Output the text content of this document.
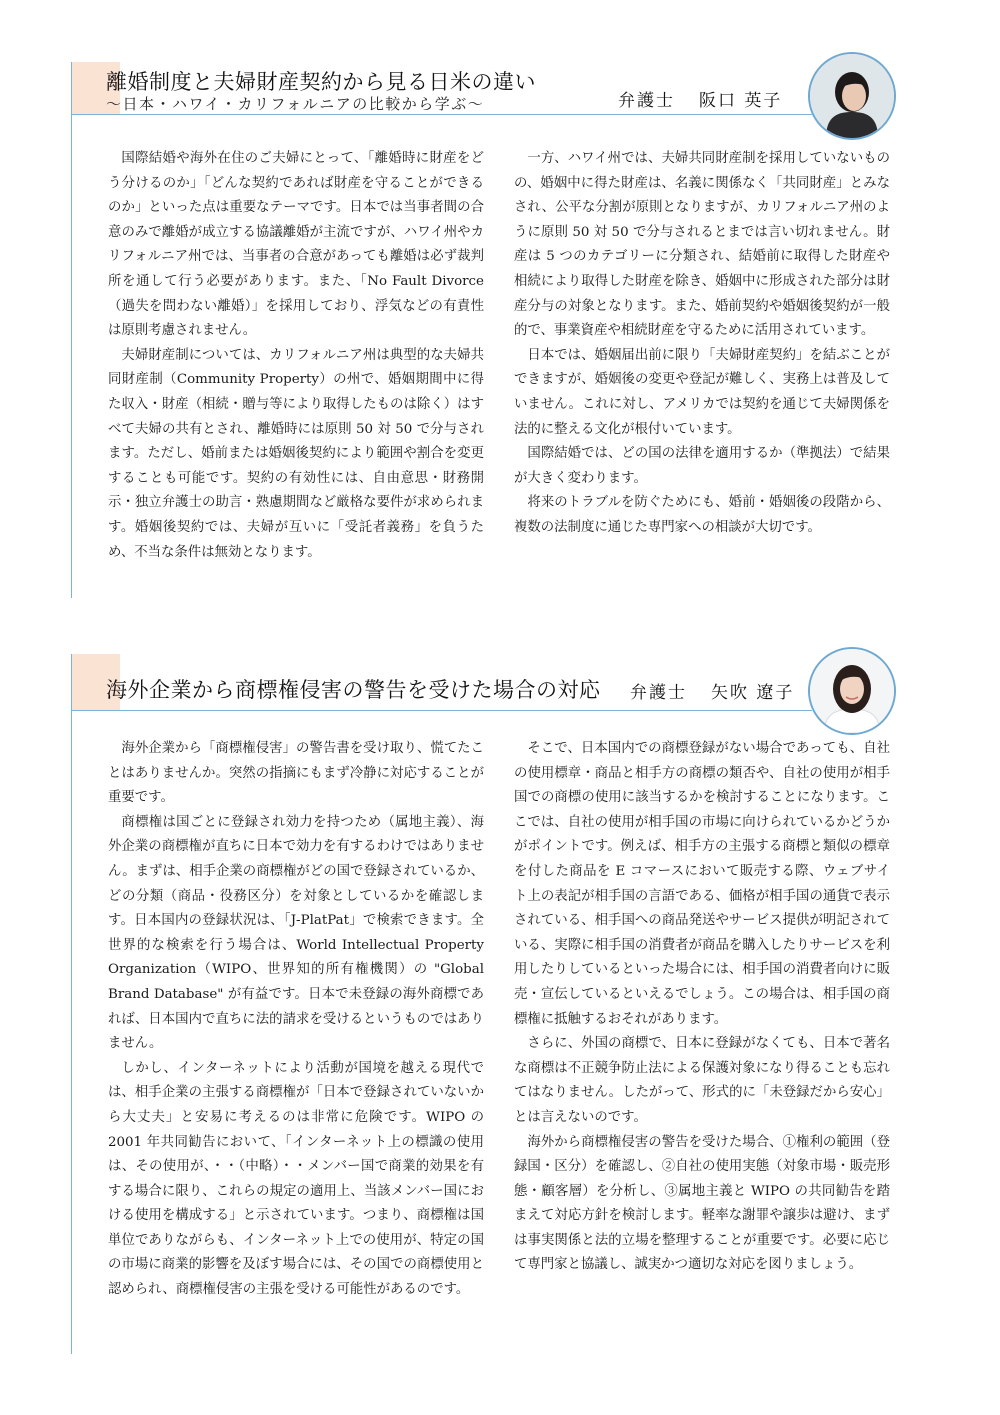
離婚制度と夫婦財産契約から見る日米の違い
～日本・ハワイ・カリフォルニアの比較から学ぶ～	弁護士 阪口 英子

国際結婚や海外在住のご夫婦にとって、「離婚時に財産をどう分けるのか」「どんな契約であれば財産を守ることができるのか」といった点は重要なテーマです。日本では当事者間の合意のみで離婚が成立する協議離婚が主流ですが、ハワイ州やカリフォルニア州では、当事者の合意があっても離婚は必ず裁判所を通して行う必要があります。また、「No Fault Divorce（過失を問わない離婚）」を採用しており、浮気などの有責性は原則考慮されません。

夫婦財産制については、カリフォルニア州は典型的な夫婦共同財産制（Community Property）の州で、婚姻期間中に得た収入・財産（相続・贈与等により取得したものは除く）はすべて夫婦の共有とされ、離婚時には原則 50 対 50 で分与されます。ただし、婚前または婚姻後契約により範囲や割合を変更することも可能です。契約の有効性には、自由意思・財務開示・独立弁護士の助言・熟慮期間など厳格な要件が求められます。婚姻後契約では、夫婦が互いに「受託者義務」を負うため、不当な条件は無効となります。

一方、ハワイ州では、夫婦共同財産制を採用していないものの、婚姻中に得た財産は、名義に関係なく「共同財産」とみなされ、公平な分割が原則となりますが、カリフォルニア州のように原則 50 対 50 で分与されるとまでは言い切れません。財産は 5 つのカテゴリーに分類され、結婚前に取得した財産や相続により取得した財産を除き、婚姻中に形成された部分は財産分与の対象となります。また、婚前契約や婚姻後契約が一般的で、事業資産や相続財産を守るために活用されています。

日本では、婚姻届出前に限り「夫婦財産契約」を結ぶことができますが、婚姻後の変更や登記が難しく、実務上は普及していません。これに対し、アメリカでは契約を通じて夫婦関係を法的に整える文化が根付いています。

国際結婚では、どの国の法律を適用するか（準拠法）で結果が大きく変わります。

将来のトラブルを防ぐためにも、婚前・婚姻後の段階から、複数の法制度に通じた専門家への相談が大切です。

海外企業から商標権侵害の警告を受けた場合の対応 弁護士 矢吹 遼子

海外企業から「商標権侵害」の警告書を受け取り、慌てたことはありませんか。突然の指摘にもまず冷静に対応することが重要です。

商標権は国ごとに登録され効力を持つため（属地主義）、海外企業の商標権が直ちに日本で効力を有するわけではありません。まずは、相手企業の商標権がどの国で登録されているか、どの分類（商品・役務区分）を対象としているかを確認します。日本国内の登録状況は、「J-PlatPat」で検索できます。全世界的な検索を行う場合は、World Intellectual Property Organization（WIPO、世界知的所有権機関）の "Global Brand Database" が有益です。日本で未登録の海外商標であれば、日本国内で直ちに法的請求を受けるというものではありません。

しかし、インターネットにより活動が国境を越える現代では、相手企業の主張する商標権が「日本で登録されていないから大丈夫」と安易に考えるのは非常に危険です。WIPO の 2001 年共同勧告において、「インターネット上の標識の使用は、その使用が、・・（中略）・・メンバー国で商業的効果を有する場合に限り、これらの規定の適用上、当該メンバー国における使用を構成する」と示されています。つまり、商標権は国単位でありながらも、インターネット上での使用が、特定の国の市場に商業的影響を及ぼす場合には、その国での商標使用と認められ、商標権侵害の主張を受ける可能性があるのです。

そこで、日本国内での商標登録がない場合であっても、自社の使用標章・商品と相手方の商標の類否や、自社の使用が相手国での商標の使用に該当するかを検討することになります。ここでは、自社の使用が相手国の市場に向けられているかどうかがポイントです。例えば、相手方の主張する商標と類似の標章を付した商品を E コマースにおいて販売する際、ウェブサイト上の表記が相手国の言語である、価格が相手国の通貨で表示されている、相手国への商品発送やサービス提供が明記されている、実際に相手国の消費者が商品を購入したりサービスを利用したりしているといった場合には、相手国の消費者向けに販売・宣伝しているといえるでしょう。この場合は、相手国の商標権に抵触するおそれがあります。

さらに、外国の商標で、日本に登録がなくても、日本で著名な商標は不正競争防止法による保護対象になり得ることも忘れてはなりません。したがって、形式的に「未登録だから安心」とは言えないのです。

海外から商標権侵害の警告を受けた場合、①権利の範囲（登録国・区分）を確認し、②自社の使用実態（対象市場・販売形態・顧客層）を分析し、③属地主義と WIPO の共同勧告を踏まえて対応方針を検討します。軽率な謝罪や譲歩は避け、まずは事実関係と法的立場を整理することが重要です。必要に応じて専門家と協議し、誠実かつ適切な対応を図りましょう。
